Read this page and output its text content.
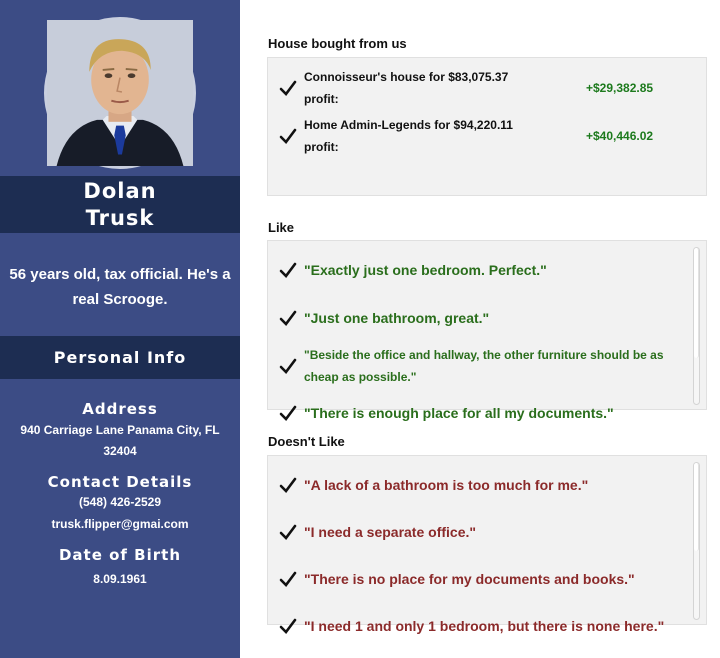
Dolan
Trusk
56 years old, tax official. He's a real Scrooge.
Personal Info
Address
940 Carriage Lane Panama City, FL 32404
Contact Details
(548) 426-2529
trusk.flipper@gmai.com
Date of Birth
8.09.1961
House bought from us
Connoisseur's house for $83,075.37 profit:
+$29,382.85
Home Admin-Legends for $94,220.11 profit:
+$40,446.02
Like
"Exactly just one bedroom. Perfect."
"Just one bathroom, great."
"Beside the office and hallway, the other furniture should be as cheap as possible."
"There is enough place for all my documents."
Doesn't Like
"A lack of a bathroom is too much for me."
"I need a separate office."
"There is no place for my documents and books."
"I need 1 and only 1 bedroom, but there is none here."
